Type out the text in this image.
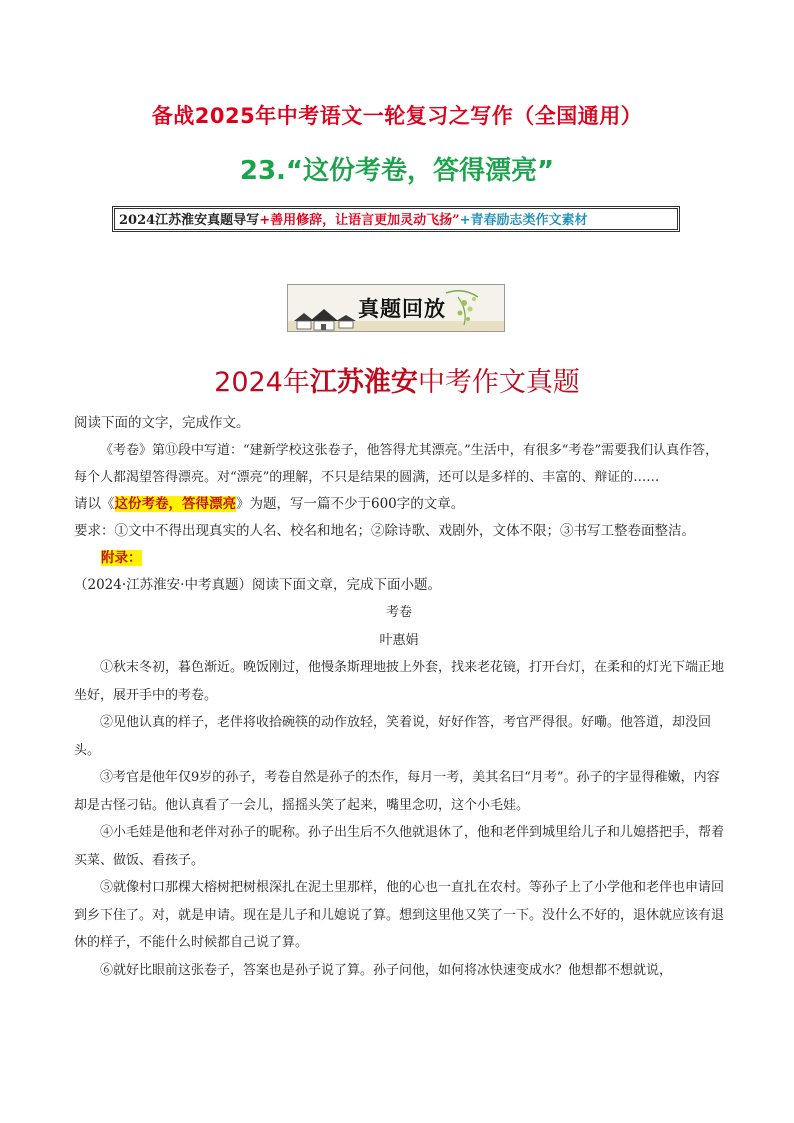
备战2025年中考语文一轮复习之写作（全国通用）
23.“这份考卷，答得漂亮”
2024江苏淮安真题导写+善用修辞，让语言更加灵动飞扬”+青春励志类作文素材
真题回放
2024年江苏淮安中考作文真题

阅读下面的文字，完成作文。

《考卷》第⑪段中写道：“建新学校这张卷子，他答得尤其漂亮。”生活中，有很多“考卷”需要我们认真作答，每个人都渴望答得漂亮。对“漂亮”的理解，不只是结果的圆满，还可以是多样的、丰富的、辩证的……

请以《这份考卷，答得漂亮》为题，写一篇不少于600字的文章。

要求：①文中不得出现真实的人名、校名和地名；②除诗歌、戏剧外，文体不限；③书写工整卷面整洁。

附录：

（2024·江苏淮安·中考真题）阅读下面文章，完成下面小题。

考卷

叶惠娟

①秋末冬初，暮色渐近。晚饭刚过，他慢条斯理地披上外套，找来老花镜，打开台灯，在柔和的灯光下端正地坐好，展开手中的考卷。

②见他认真的样子，老伴将收拾碗筷的动作放轻，笑着说，好好作答，考官严得很。好嘞。他答道，却没回头。

③考官是他年仅9岁的孙子，考卷自然是孙子的杰作，每月一考，美其名曰“月考”。孙子的字显得稚嫩，内容却是古怪刁钻。他认真看了一会儿，摇摇头笑了起来，嘴里念叨，这个小毛娃。

④小毛娃是他和老伴对孙子的昵称。孙子出生后不久他就退休了，他和老伴到城里给儿子和儿媳搭把手，帮着买菜、做饭、看孩子。

⑤就像村口那棵大榕树把树根深扎在泥土里那样，他的心也一直扎在农村。等孙子上了小学他和老伴也申请回到乡下住了。对，就是申请。现在是儿子和儿媳说了算。想到这里他又笑了一下。没什么不好的，退休就应该有退休的样子，不能什么时候都自己说了算。

⑥就好比眼前这张卷子，答案也是孙子说了算。孙子问他，如何将冰快速变成水？他想都不想就说，
